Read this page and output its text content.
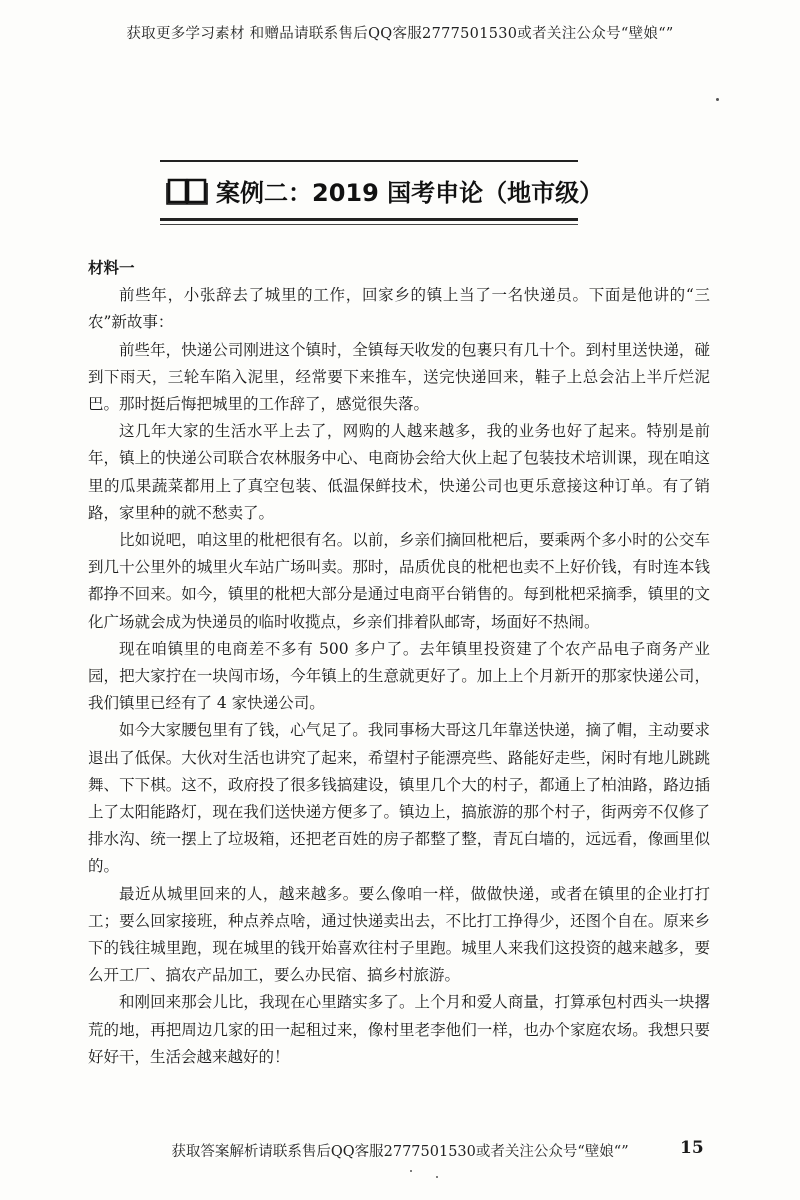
获取更多学习素材 和赠品请联系售后QQ客服2777501530或者关注公众号“壁娘“”
案例二：2019 国考申论（地市级）
材料一

前些年，小张辞去了城里的工作，回家乡的镇上当了一名快递员。下面是他讲的“三农”新故事：

前些年，快递公司刚进这个镇时，全镇每天收发的包裹只有几十个。到村里送快递，碰到下雨天，三轮车陷入泥里，经常要下来推车，送完快递回来，鞋子上总会沾上半斤烂泥巴。那时挺后悔把城里的工作辞了，感觉很失落。

这几年大家的生活水平上去了，网购的人越来越多，我的业务也好了起来。特别是前年，镇上的快递公司联合农林服务中心、电商协会给大伙上起了包装技术培训课，现在咱这里的瓜果蔬菜都用上了真空包装、低温保鲜技术，快递公司也更乐意接这种订单。有了销路，家里种的就不愁卖了。

比如说吧，咱这里的枇杷很有名。以前，乡亲们摘回枇杷后，要乘两个多小时的公交车到几十公里外的城里火车站广场叫卖。那时，品质优良的枇杷也卖不上好价钱，有时连本钱都挣不回来。如今，镇里的枇杷大部分是通过电商平台销售的。每到枇杷采摘季，镇里的文化广场就会成为快递员的临时收揽点，乡亲们排着队邮寄，场面好不热闹。

现在咱镇里的电商差不多有 500 多户了。去年镇里投资建了个农产品电子商务产业园，把大家拧在一块闯市场，今年镇上的生意就更好了。加上上个月新开的那家快递公司，我们镇里已经有了 4 家快递公司。

如今大家腰包里有了钱，心气足了。我同事杨大哥这几年靠送快递，摘了帽，主动要求退出了低保。大伙对生活也讲究了起来，希望村子能漂亮些、路能好走些，闲时有地儿跳跳舞、下下棋。这不，政府投了很多钱搞建设，镇里几个大的村子，都通上了柏油路，路边插上了太阳能路灯，现在我们送快递方便多了。镇边上，搞旅游的那个村子，街两旁不仅修了排水沟、统一摆上了垃圾箱，还把老百姓的房子都整了整，青瓦白墙的，远远看，像画里似的。

最近从城里回来的人，越来越多。要么像咱一样，做做快递，或者在镇里的企业打打工；要么回家接班，种点养点啥，通过快递卖出去，不比打工挣得少，还图个自在。原来乡下的钱往城里跑，现在城里的钱开始喜欢往村子里跑。城里人来我们这投资的越来越多，要么开工厂、搞农产品加工，要么办民宿、搞乡村旅游。

和刚回来那会儿比，我现在心里踏实多了。上个月和爱人商量，打算承包村西头一块撂荒的地，再把周边几家的田一起租过来，像村里老李他们一样，也办个家庭农场。我想只要好好干，生活会越来越好的！

获取答案解析请联系售后QQ客服2777501530或者关注公众号“壁娘“”	15
